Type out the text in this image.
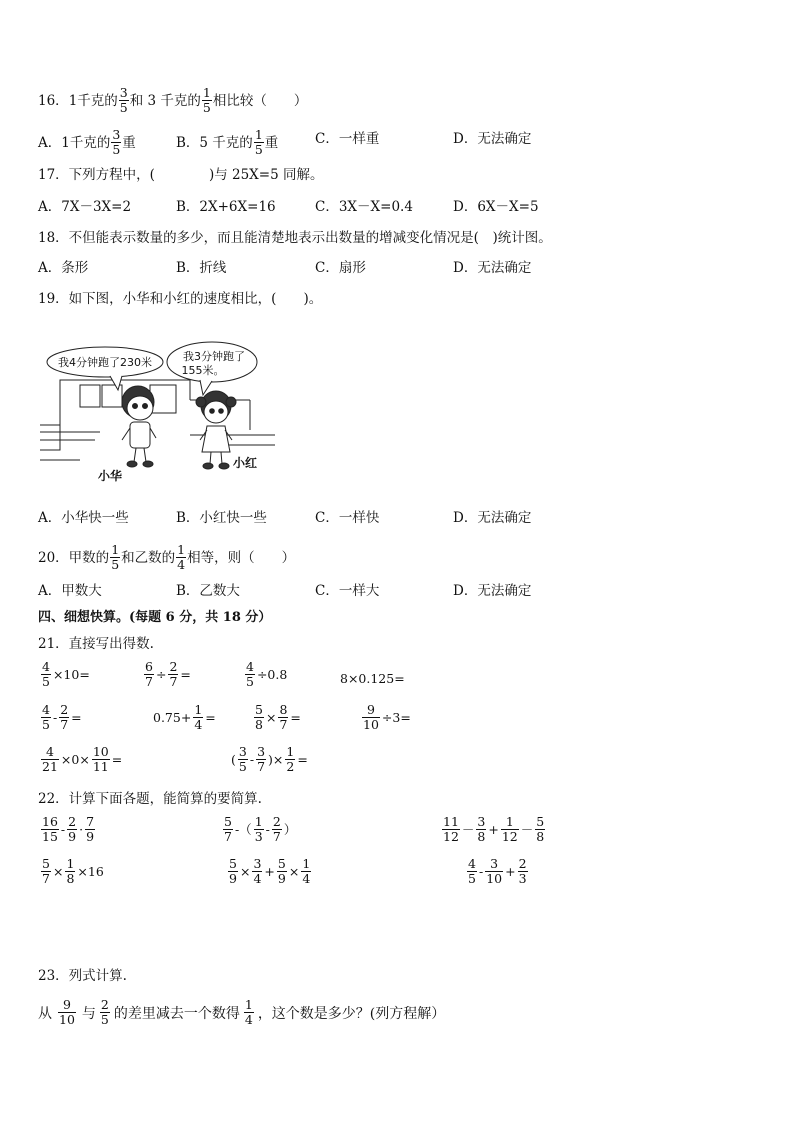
16． 1千克的 $\frac{3}{5}$ 和 3 千克的 $\frac{1}{5}$ 相比较（　　）
A．1千克的 $\frac{3}{5}$ 重	B．5 千克的 $\frac{1}{5}$ 重	C．一样重	D．无法确定
17．下列方程中，(　　　　)与 25X=5 同解。
A．7X－3X=2	B．2X+6X=16	C．3X－X=0.4	D．6X－X=5
18．不但能表示数量的多少，而且能清楚地表示出数量的增减变化情况是(　)统计图。
A．条形	B．折线	C．扇形	D．无法确定
19．如下图，小华和小红的速度相比，(　　)。
我4分钟跑了230米	我3分钟跑了
155米。
小华
小红
A．小华快一些	B．小红快一些	C．一样快	D．无法确定
20．甲数的 $\frac{1}{5}$ 和乙数的 $\frac{1}{4}$ 相等，则（　　）
A．甲数大	B．乙数大	C．一样大	D．无法确定
四、细想快算。(每题 6 分，共 18 分）
21．直接写出得数.
$\frac{4}{5} \times 10=$	$\frac{6}{7} \div \frac{2}{7}$ =	$\frac{4}{5} \div 0.8$	8×0.125=
$\frac{4}{5} - \frac{2}{7}$ =	$0.75+ \frac{1}{4}$ =	$\frac{5}{8} \times \frac{8}{7}$ =	$\frac{9}{10} \div 3=$
$\frac{4}{21} \times 0\times \frac{10}{11}$ =	( $\frac{3}{5} - \frac{3}{7}$ )× $\frac{1}{2}$ =
22．计算下面各题，能简算的要简算.
$\frac{16}{15} - \frac{2}{9} \cdot \frac{7}{9}$	$\frac{5}{7}$ -（ $\frac{1}{3} - \frac{2}{7}$ ）	$\frac{11}{12} - \frac{3}{8} + \frac{1}{12} - \frac{5}{8}$
$\frac{5}{7} \times \frac{1}{8} \times 16$	$\frac{5}{9} \times \frac{3}{4} + \frac{5}{9} \times \frac{1}{4}$	$\frac{4}{5} - \frac{3}{10} + \frac{2}{3}$
23．列式计算.
从 $\frac{9}{10}$ 与 $\frac{2}{5}$ 的差里减去一个数得 $\frac{1}{4}$ ，这个数是多少？(列方程解）
